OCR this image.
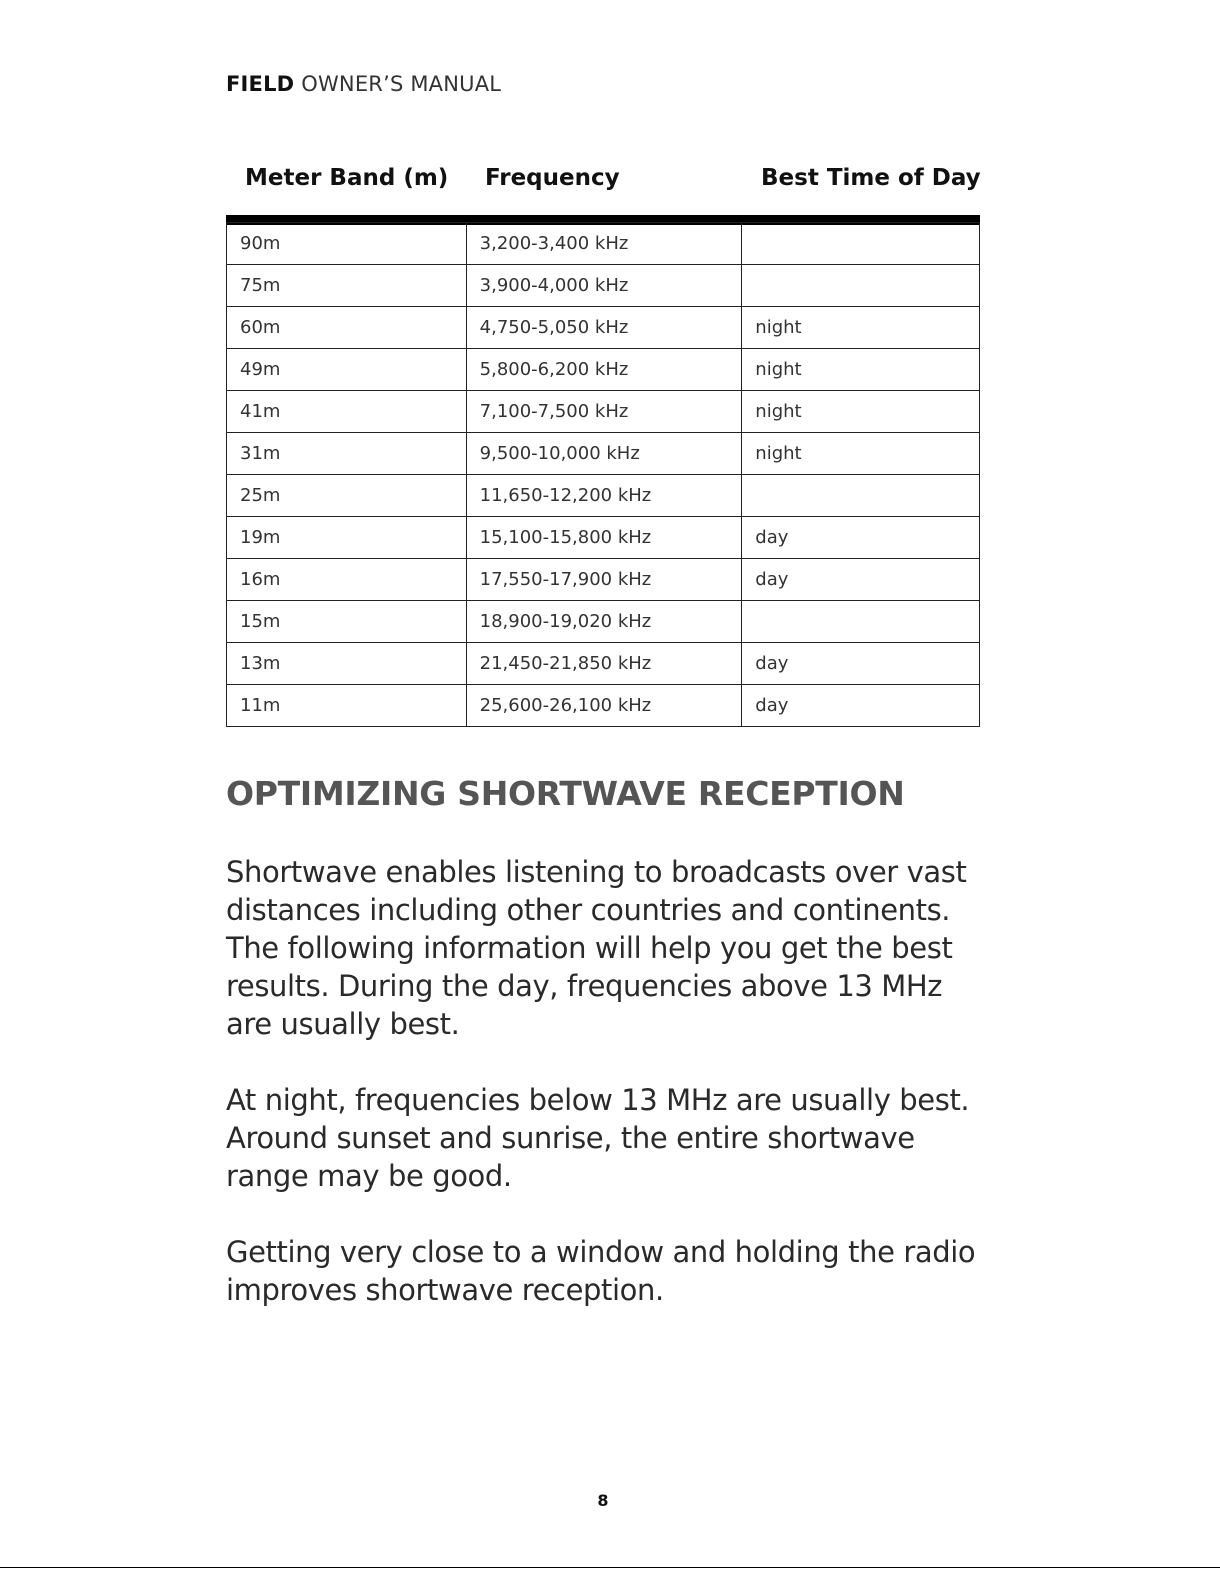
FIELD OWNER’S MANUAL
Meter Band (m) Frequency	Best Time of Day
90m	3,200-3,400 kHz	
75m	3,900-4,000 kHz	
60m	4,750-5,050 kHz	night
49m	5,800-6,200 kHz	night
41m	7,100-7,500 kHz	night
31m	9,500-10,000 kHz	night
25m	11,650-12,200 kHz	
19m	15,100-15,800 kHz	day
16m	17,550-17,900 kHz	day
15m	18,900-19,020 kHz	
13m	21,450-21,850 kHz	day
11m	25,600-26,100 kHz	day
OPTIMIZING SHORTWAVE RECEPTION

Shortwave enables listening to broadcasts over vast distances including other countries and continents. The following information will help you get the best results. During the day, frequencies above 13 MHz are usually best.

At night, frequencies below 13 MHz are usually best. Around sunset and sunrise, the entire shortwave range may be good.

Getting very close to a window and holding the radio improves shortwave reception.

8
